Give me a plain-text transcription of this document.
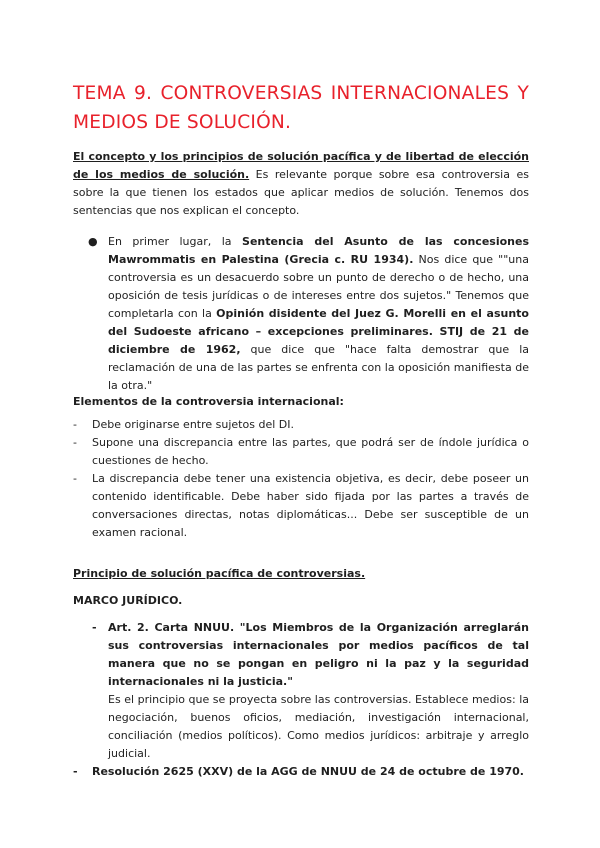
TEMA 9. CONTROVERSIAS INTERNACIONALES Y MEDIOS DE SOLUCIÓN.

El concepto y los principios de solución pacífica y de libertad de elección de los medios de solución. Es relevante porque sobre esa controversia es sobre la que tienen los estados que aplicar medios de solución. Tenemos dos sentencias que nos explican el concepto.

● En primer lugar, la Sentencia del Asunto de las concesiones Mawrommatis en Palestina (Grecia c. RU 1934). Nos dice que ""una controversia es un desacuerdo sobre un punto de derecho o de hecho, una oposición de tesis jurídicas o de intereses entre dos sujetos." Tenemos que completarla con la Opinión disidente del Juez G. Morelli en el asunto del Sudoeste africano – excepciones preliminares. STIJ de 21 de diciembre de 1962, que dice que "hace falta demostrar que la reclamación de una de las partes se enfrenta con la oposición manifiesta de la otra."

Elementos de la controversia internacional:

- Debe originarse entre sujetos del DI.

- Supone una discrepancia entre las partes, que podrá ser de índole jurídica o cuestiones de hecho.

- La discrepancia debe tener una existencia objetiva, es decir, debe poseer un contenido identificable. Debe haber sido fijada por las partes a través de conversaciones directas, notas diplomáticas... Debe ser susceptible de un examen racional.

Principio de solución pacífica de controversias.

MARCO JURÍDICO.

- Art. 2. Carta NNUU. "Los Miembros de la Organización arreglarán sus controversias internacionales por medios pacíficos de tal manera que no se pongan en peligro ni la paz y la seguridad internacionales ni la justicia."

Es el principio que se proyecta sobre las controversias. Establece medios: la negociación, buenos oficios, mediación, investigación internacional, conciliación (medios políticos). Como medios jurídicos: arbitraje y arreglo judicial.

- Resolución 2625 (XXV) de la AGG de NNUU de 24 de octubre de 1970.
